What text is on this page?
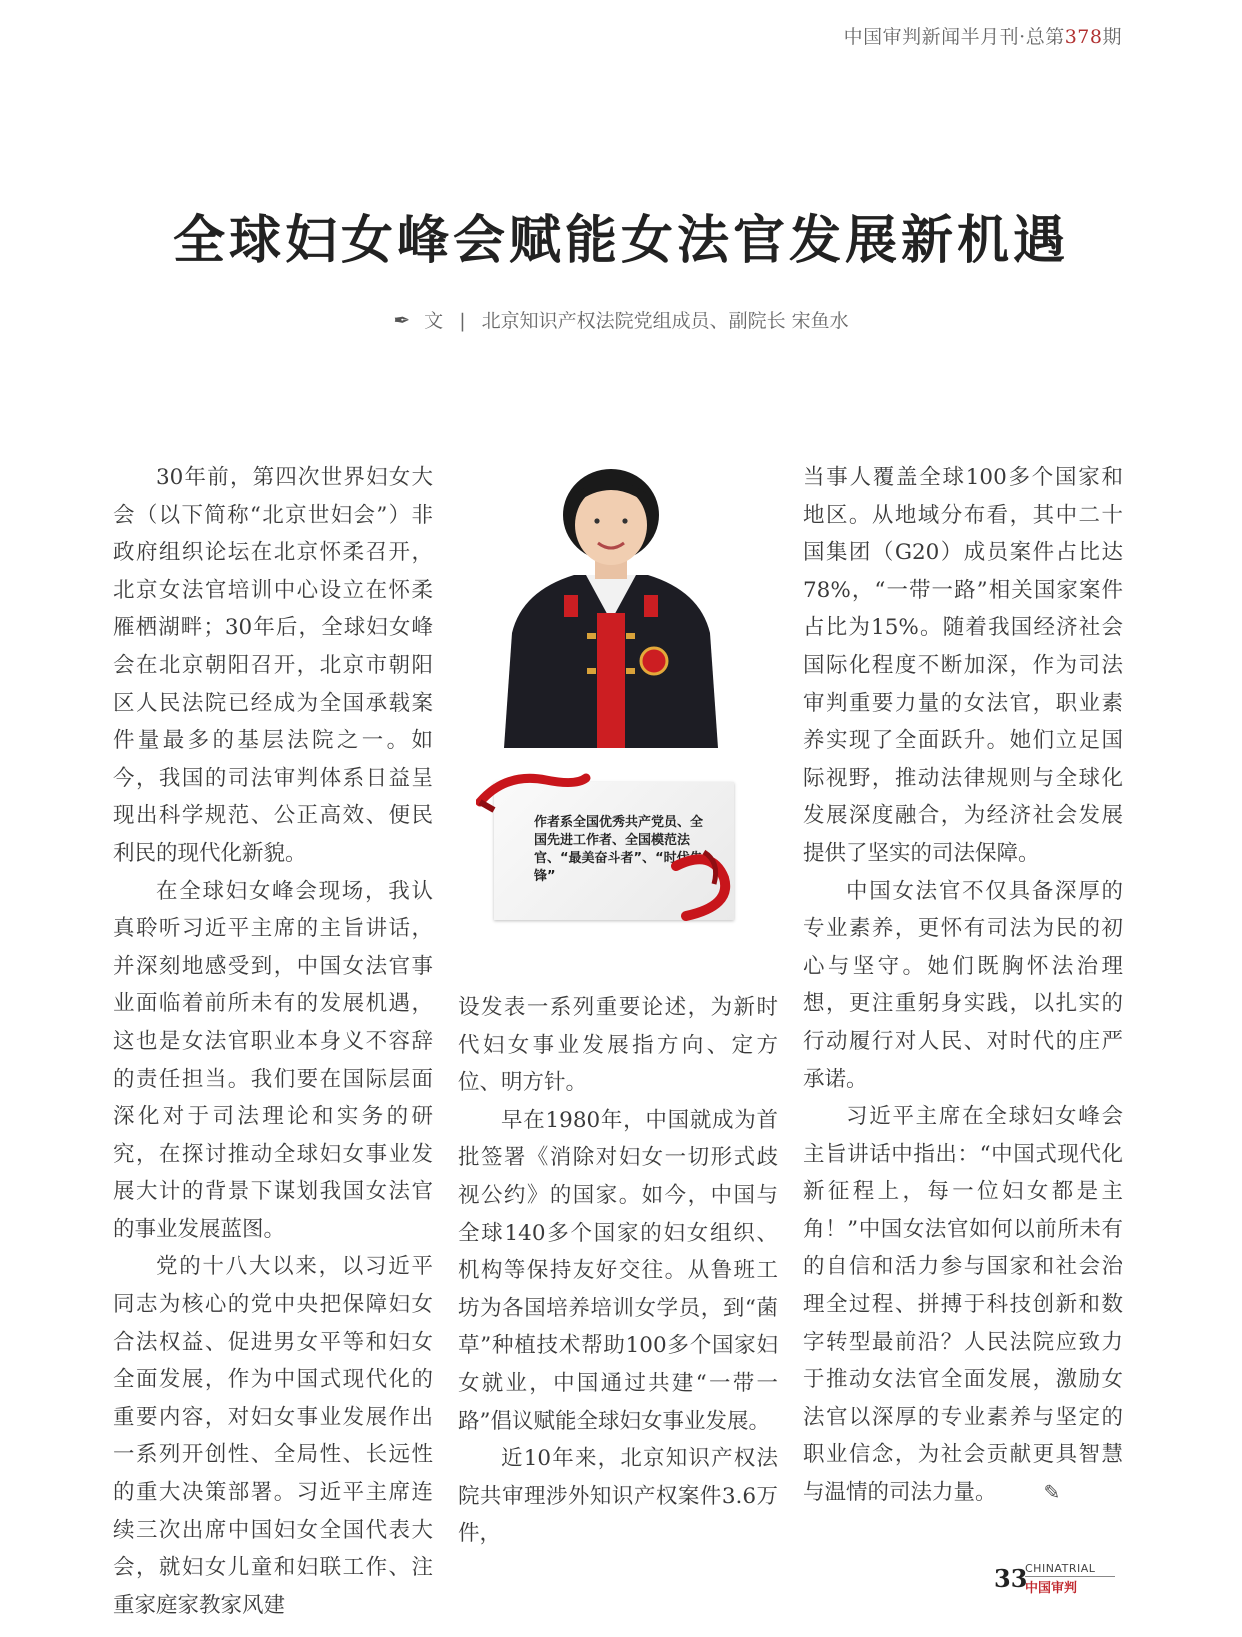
中国审判新闻半月刊·总第378期
全球妇女峰会赋能女法官发展新机遇
✒ 文 | 北京知识产权法院党组成员、副院长 宋鱼水

30年前，第四次世界妇女大会（以下简称“北京世妇会”）非政府组织论坛在北京怀柔召开，北京女法官培训中心设立在怀柔雁栖湖畔；30年后，全球妇女峰会在北京朝阳召开，北京市朝阳区人民法院已经成为全国承载案件量最多的基层法院之一。如今，我国的司法审判体系日益呈现出科学规范、公正高效、便民利民的现代化新貌。

在全球妇女峰会现场，我认真聆听习近平主席的主旨讲话，并深刻地感受到，中国女法官事业面临着前所未有的发展机遇，这也是女法官职业本身义不容辞的责任担当。我们要在国际层面深化对于司法理论和实务的研究，在探讨推动全球妇女事业发展大计的背景下谋划我国女法官的事业发展蓝图。

党的十八大以来，以习近平同志为核心的党中央把保障妇女合法权益、促进男女平等和妇女全面发展，作为中国式现代化的重要内容，对妇女事业发展作出一系列开创性、全局性、长远性的重大决策部署。习近平主席连续三次出席中国妇女全国代表大会，就妇女儿童和妇联工作、注重家庭家教家风建

作者系全国优秀共产党员、全国先进工作者、全国模范法官、“最美奋斗者”、“时代先锋”

设发表一系列重要论述，为新时代妇女事业发展指方向、定方位、明方针。

早在1980年，中国就成为首批签署《消除对妇女一切形式歧视公约》的国家。如今，中国与全球140多个国家的妇女组织、机构等保持友好交往。从鲁班工坊为各国培养培训女学员，到“菌草”种植技术帮助100多个国家妇女就业，中国通过共建“一带一路”倡议赋能全球妇女事业发展。

近10年来，北京知识产权法院共审理涉外知识产权案件3.6万件，

当事人覆盖全球100多个国家和地区。从地域分布看，其中二十国集团（G20）成员案件占比达78%，“一带一路”相关国家案件占比为15%。随着我国经济社会国际化程度不断加深，作为司法审判重要力量的女法官，职业素养实现了全面跃升。她们立足国际视野，推动法律规则与全球化发展深度融合，为经济社会发展提供了坚实的司法保障。

中国女法官不仅具备深厚的专业素养，更怀有司法为民的初心与坚守。她们既胸怀法治理想，更注重躬身实践，以扎实的行动履行对人民、对时代的庄严承诺。

习近平主席在全球妇女峰会主旨讲话中指出：“中国式现代化新征程上，每一位妇女都是主角！”中国女法官如何以前所未有的自信和活力参与国家和社会治理全过程、拼搏于科技创新和数字转型最前沿？人民法院应致力于推动女法官全面发展，激励女法官以深厚的专业素养与坚定的职业信念，为社会贡献更具智慧与温情的司法力量。 ✎

33
CHINATRIAL
中国审判
